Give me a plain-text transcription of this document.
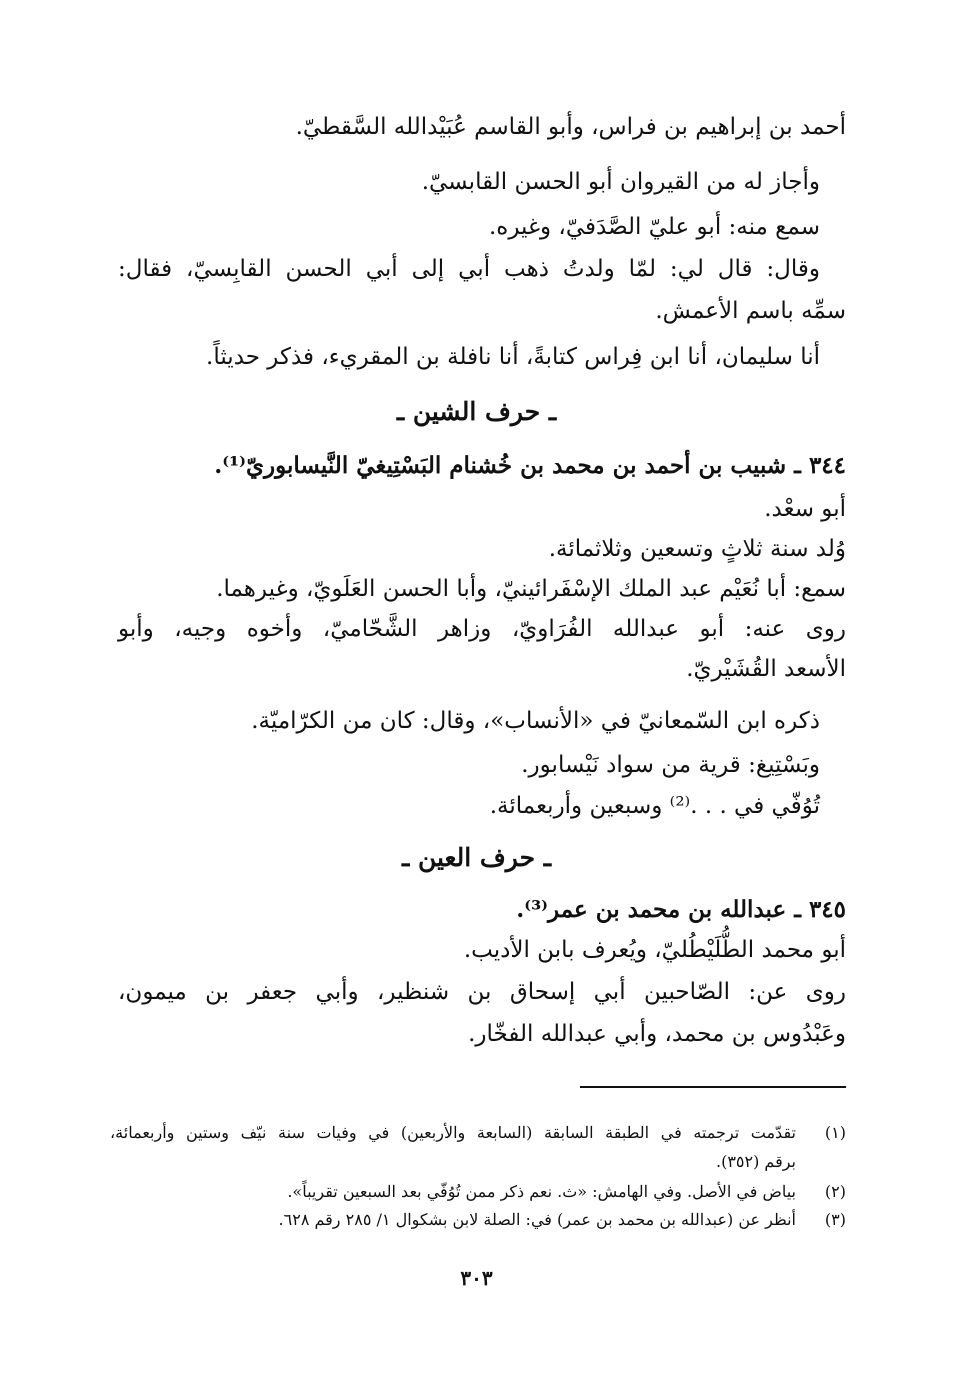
أحمد بن إبراهيم بن فراس، وأبو القاسم عُبَيْدالله السَّقطيّ.
وأجاز له من القيروان أبو الحسن القابسيّ.
سمع منه: أبو عليّ الصَّدَفيّ، وغيره.
وقال: قال لي: لمّا ولدتُ ذهب أبي إلى أبي الحسن القابِسيّ، فقال:
سمِّه باسم الأعمش.
أنا سليمان، أنا ابن فِراس كتابةً، أنا نافلة بن المقريء، فذكر حديثاً.
ـ حرف الشين ـ
٣٤٤ ـ شبيب بن أحمد بن محمد بن خُشنام البَسْتِيغيّ النَّيسابوريّ⁽¹⁾.
أبو سعْد.
وُلد سنة ثلاثٍ وتسعين وثلاثمائة.
سمع: أبا نُعَيْم عبد الملك الإسْفَرائينيّ، وأبا الحسن العَلَويّ، وغيرهما.
روى عنه: أبو عبدالله الفُرَاويّ، وزاهر الشَّحّاميّ، وأخوه وجيه، وأبو
الأسعد القُشَيْريّ.
ذكره ابن السّمعانيّ في «الأنساب»، وقال: كان من الكرّاميّة.
وبَسْتِيغ: قرية من سواد نَيْسابور.
تُوُفّي في . . .⁽²⁾ وسبعين وأربعمائة.
ـ حرف العين ـ
٣٤٥ ـ عبدالله بن محمد بن عمر⁽³⁾.
أبو محمد الطُّلَيْطُليّ، ويُعرف بابن الأديب.
روى عن: الصّاحبين أبي إسحاق بن شنظير، وأبي جعفر بن ميمون،
وعَبْدُوس بن محمد، وأبي عبدالله الفخّار.
(١)
تقدّمت ترجمته في الطبقة السابقة (السابعة والأربعين) في وفيات سنة نيّف وستين وأربعمائة،
برقم (٣٥٢).
(٢)
بياض في الأصل. وفي الهامش: «ث. نعم ذكر ممن تُوُفّي بعد السبعين تقريباً».
(٣)
أنظر عن (عبدالله بن محمد بن عمر) في: الصلة لابن بشكوال ١/ ٢٨٥ رقم ٦٢٨.
٣٠٣
